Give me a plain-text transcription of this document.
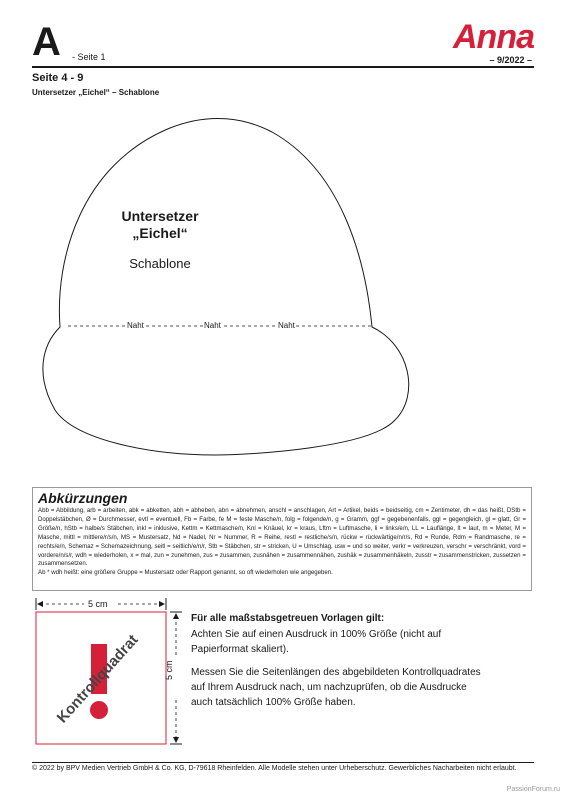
A - Seite 1
Anna
– 9/2022 –
Seite 4 - 9
Untersetzer „Eichel“ – Schablone
Untersetzer
„Eichel“
Schablone
Naht	Naht	Naht
Abkürzungen

Abb = Abbildung, arb = arbeiten, abk = abketten, abh = abheben, abn = abnehmen, anschl = anschlagen, Art = Artikel, beids = beidseitig, cm = Zentimeter, dh = das heißt, DStb = Doppelstäbchen, Ø = Durchmesser, evtl = eventuell, Fb = Farbe, fe M = feste Masche/n, folg = folgende/n, g = Gramm, ggf = gegebenenfalls, ggl = gegengleich, gl = glatt, Gr = Größe/n, hStb = halbe/s Stäbchen, inkl = inklusive, Kettm = Kettmasche/n, Knl = Knäuel, kr = kraus, Lftm = Luftmasche, li = links/e/n, LL = Lauflänge, lt = laut, m = Meter, M = Masche, mittl = mittlere/r/s/n, MS = Mustersatz, Nd = Nadel, Nr = Nummer, R = Reihe, restl = restliche/s/n, rückw = rückwärtige/n/r/s, Rd = Runde, Rdm = Randmasche, re = rechts/e/n, Schemaz = Schemazeichnung, seitl = seitlich/e/n/r, Stb = Stäbchen, str = stricken, U = Umschlag, usw = und so weiter, verkr = verkreuzen, verschr = verschränkt, vord = vordere/n/s/r, wdh = wiederholen, x = mal, zun = zunehmen, zus = zusammen, zusnähen = zusammennähen, zushäk = zusammenhäkeln, zusstr = zusammenstricken, zussetzen = zusammensetzen.

Ab * wdh heißt: eine größere Gruppe = Mustersatz oder Rapport genannt, so oft wiederholen wie angegeben.

5 cm
5 cm
Kontrollquadrat
Für alle maßstabsgetreuen Vorlagen gilt:

Achten Sie auf einen Ausdruck in 100% Größe (nicht auf Papierformat skaliert).

Messen Sie die Seitenlängen des abgebildeten Kontrollquadrates auf Ihrem Ausdruck nach, um nachzuprüfen, ob die Ausdrucke auch tatsächlich 100% Größe haben.

© 2022 by BPV Medien Vertrieb GmbH & Co. KG, D-79618 Rheinfelden. Alle Modelle stehen unter Urheberschutz. Gewerbliches Nacharbeiten nicht erlaubt.
PassionForum.ru
